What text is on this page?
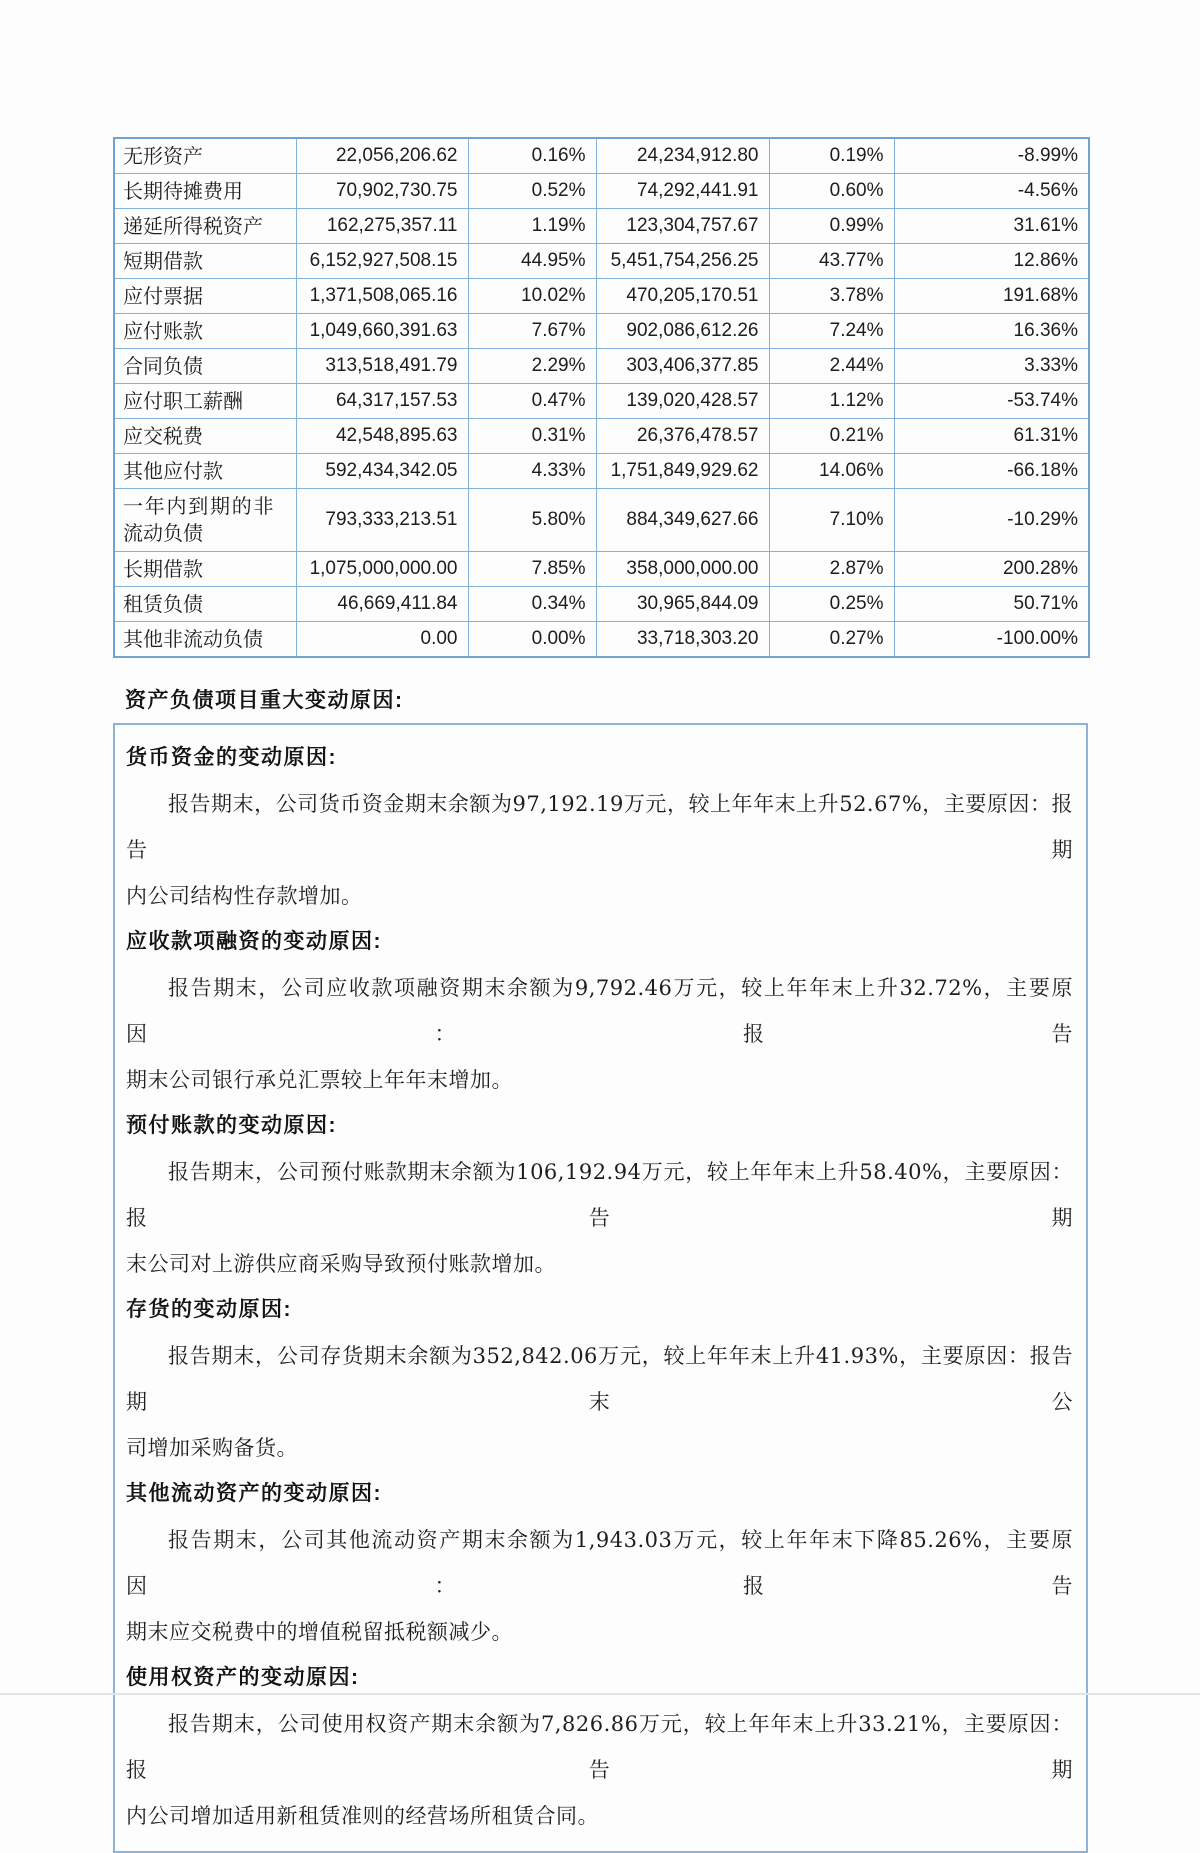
无形资产	22,056,206.62	0.16%	24,234,912.80	0.19%	-8.99%
长期待摊费用	70,902,730.75	0.52%	74,292,441.91	0.60%	-4.56%
递延所得税资产	162,275,357.11	1.19%	123,304,757.67	0.99%	31.61%
短期借款	6,152,927,508.15	44.95%	5,451,754,256.25	43.77%	12.86%
应付票据	1,371,508,065.16	10.02%	470,205,170.51	3.78%	191.68%
应付账款	1,049,660,391.63	7.67%	902,086,612.26	7.24%	16.36%
合同负债	313,518,491.79	2.29%	303,406,377.85	2.44%	3.33%
应付职工薪酬	64,317,157.53	0.47%	139,020,428.57	1.12%	-53.74%
应交税费	42,548,895.63	0.31%	26,376,478.57	0.21%	61.31%
其他应付款	592,434,342.05	4.33%	1,751,849,929.62	14.06%	-66.18%
一年内到期的非流动负债	793,333,213.51	5.80%	884,349,627.66	7.10%	-10.29%
长期借款	1,075,000,000.00	7.85%	358,000,000.00	2.87%	200.28%
租赁负债	46,669,411.84	0.34%	30,965,844.09	0.25%	50.71%
其他非流动负债	0.00	0.00%	33,718,303.20	0.27%	-100.00%
资产负债项目重大变动原因:
货币资金的变动原因:
报告期末，公司货币资金期末余额为97,192.19万元，较上年年末上升52.67%，主要原因：报告期
内公司结构性存款增加。
应收款项融资的变动原因:
报告期末，公司应收款项融资期末余额为9,792.46万元，较上年年末上升32.72%，主要原因：报告
期末公司银行承兑汇票较上年年末增加。
预付账款的变动原因:
报告期末，公司预付账款期末余额为106,192.94万元，较上年年末上升58.40%，主要原因：报告期
末公司对上游供应商采购导致预付账款增加。
存货的变动原因:
报告期末，公司存货期末余额为352,842.06万元，较上年年末上升41.93%，主要原因：报告期末公
司增加采购备货。
其他流动资产的变动原因:
报告期末，公司其他流动资产期末余额为1,943.03万元，较上年年末下降85.26%，主要原因：报告
期末应交税费中的增值税留抵税额减少。
使用权资产的变动原因:
报告期末，公司使用权资产期末余额为7,826.86万元，较上年年末上升33.21%，主要原因：报告期
内公司增加适用新租赁准则的经营场所租赁合同。
